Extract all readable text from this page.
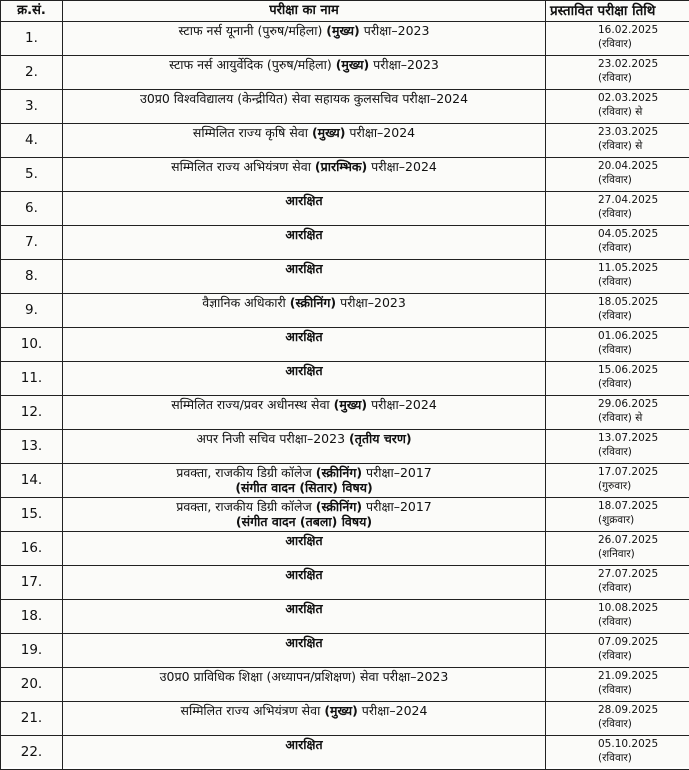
क्र.सं.	परीक्षा का नाम	प्रस्तावित परीक्षा तिथि
1.	स्टाफ नर्स यूनानी (पुरुष/महिला) (मुख्य) परीक्षा–2023	16.02.2025
(रविवार)

2.	स्टाफ नर्स आयुर्वेदिक (पुरुष/महिला) (मुख्य) परीक्षा–2023	23.02.2025
(रविवार)

3.	उ0प्र0 विश्वविद्यालय (केन्द्रीयित) सेवा सहायक कुलसचिव परीक्षा–2024	02.03.2025
(रविवार) से

4.	सम्मिलित राज्य कृषि सेवा (मुख्य) परीक्षा–2024	23.03.2025
(रविवार) से

5.	सम्मिलित राज्य अभियंत्रण सेवा (प्रारम्भिक) परीक्षा–2024	20.04.2025
(रविवार)

6.	आरक्षित	27.04.2025
(रविवार)

7.	आरक्षित	04.05.2025
(रविवार)

8.	आरक्षित	11.05.2025
(रविवार)

9.	वैज्ञानिक अधिकारी (स्क्रीनिंग) परीक्षा–2023	18.05.2025
(रविवार)

10.	आरक्षित	01.06.2025
(रविवार)

11.	आरक्षित	15.06.2025
(रविवार)

12.	सम्मिलित राज्य/प्रवर अधीनस्थ सेवा (मुख्य) परीक्षा–2024	29.06.2025
(रविवार) से

13.	अपर निजी सचिव परीक्षा–2023 (तृतीय चरण)	13.07.2025
(रविवार)

14.	प्रवक्ता, राजकीय डिग्री कॉलेज (स्क्रीनिंग) परीक्षा–2017
(संगीत वादन (सितार) विषय)	17.07.2025
(गुरुवार)

15.	प्रवक्ता, राजकीय डिग्री कॉलेज (स्क्रीनिंग) परीक्षा–2017
(संगीत वादन (तबला) विषय)	18.07.2025
(शुक्रवार)

16.	आरक्षित	26.07.2025
(शनिवार)

17.	आरक्षित	27.07.2025
(रविवार)

18.	आरक्षित	10.08.2025
(रविवार)

19.	आरक्षित	07.09.2025
(रविवार)

20.	उ0प्र0 प्राविधिक शिक्षा (अध्यापन/प्रशिक्षण) सेवा परीक्षा–2023	21.09.2025
(रविवार)

21.	सम्मिलित राज्य अभियंत्रण सेवा (मुख्य) परीक्षा–2024	28.09.2025
(रविवार)

22.	आरक्षित	05.10.2025
(रविवार)
